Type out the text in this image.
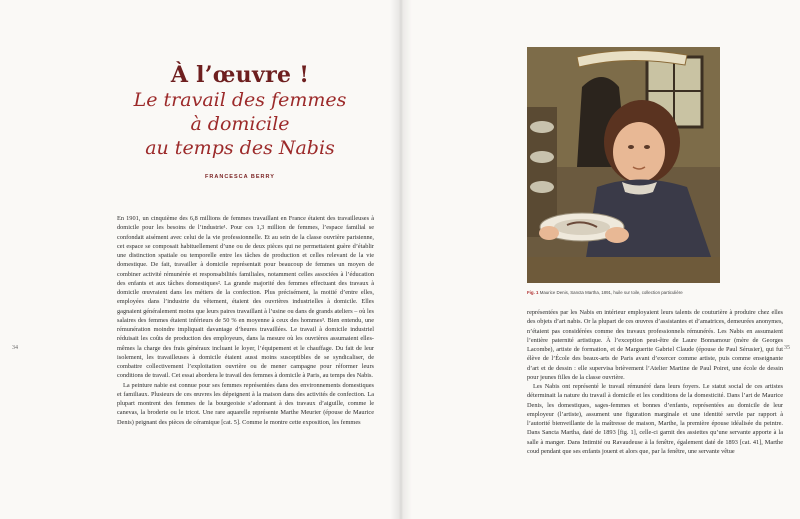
À l’œuvre !
Le travail des femmes
à domicile
au temps des Nabis
FRANCESCA BERRY

En 1901, un cinquième des 6,8 millions de femmes travaillant en France étaient des travailleuses à domicile pour les besoins de l’industrie¹. Pour ces 1,3 million de femmes, l’espace familial se confondait aisément avec celui de la vie professionnelle. Et au sein de la classe ouvrière parisienne, cet espace se composait habituellement d’une ou de deux pièces qui ne permettaient guère d’établir une distinction spatiale ou temporelle entre les tâches de production et celles relevant de la vie domestique. De fait, travailler à domicile représentait pour beaucoup de femmes un moyen de combiner activité rémunérée et responsabilités familiales, notamment celles associées à l’éducation des enfants et aux tâches domestiques². La grande majorité des femmes effectuant des travaux à domicile œuvraient dans les métiers de la confection. Plus précisément, la moitié d’entre elles, employées dans l’industrie du vêtement, étaient des ouvrières industrielles à domicile. Elles gagnaient généralement moins que leurs paires travaillant à l’usine ou dans de grands ateliers – où les salaires des femmes étaient inférieurs de 50 % en moyenne à ceux des hommes³. Bien entendu, une rémunération moindre impliquait davantage d’heures travaillées. Le travail à domicile industriel réduisait les coûts de production des employeurs, dans la mesure où les ouvrières assumaient elles-mêmes la charge des frais généraux incluant le loyer, l’équipement et le chauffage. Du fait de leur isolement, les travailleuses à domicile étaient aussi moins susceptibles de se syndicaliser, de combattre collectivement l’exploitation ouvrière ou de mener campagne pour réformer leurs conditions de travail. Cet essai abordera le travail des femmes à domicile à Paris, au temps des Nabis.

La peinture nabie est connue pour ses femmes représentées dans des environnements domestiques et familiaux. Plusieurs de ces œuvres les dépeignent à la maison dans des activités de confection. La plupart montrent des femmes de la bourgeoisie s’adonnant à des travaux d’aiguille, comme le canevas, la broderie ou le tricot. Une rare aquarelle représente Marthe Meurier (épouse de Maurice Denis) peignant des pièces de céramique [cat. 5]. Comme le montre cette exposition, les femmes

34
Fig. 1 Maurice Denis, Sancta Martha, 1891, huile sur toile, collection particulière

représentées par les Nabis en intérieur employaient leurs talents de couturière à produire chez elles des objets d’art nabis. Or la plupart de ces œuvres d’assistantes et d’amatrices, demeurées anonymes, n’étaient pas considérées comme des travaux professionnels rémunérés. Les Nabis en assumaient l’entière paternité artistique. À l’exception peut-être de Laure Bonnamour (mère de Georges Lacombe), artiste de formation, et de Marguerite Gabriel Claude (épouse de Paul Sérusier), qui fut élève de l’École des beaux-arts de Paris avant d’exercer comme artiste, puis comme enseignante d’art et de dessin : elle supervisa brièvement l’Atelier Martine de Paul Poiret, une école de dessin pour jeunes filles de la classe ouvrière.

Les Nabis ont représenté le travail rémunéré dans leurs foyers. Le statut social de ces artistes déterminait la nature du travail à domicile et les conditions de la domesticité. Dans l’art de Maurice Denis, les domestiques, sages-femmes et bonnes d’enfants, représentées au domicile de leur employeur (l’artiste), assument une figuration marginale et une identité servile par rapport à l’autorité bienveillante de la maîtresse de maison, Marthe, la première épouse idéalisée du peintre. Dans Sancta Martha, daté de 1893 [fig. 1], celle-ci garnit des assiettes qu’une servante apporte à la salle à manger. Dans Intimité ou Ravaudeuse à la fenêtre, également daté de 1893 [cat. 41], Marthe coud pendant que ses enfants jouent et alors que, par la fenêtre, une servante vêtue

35
